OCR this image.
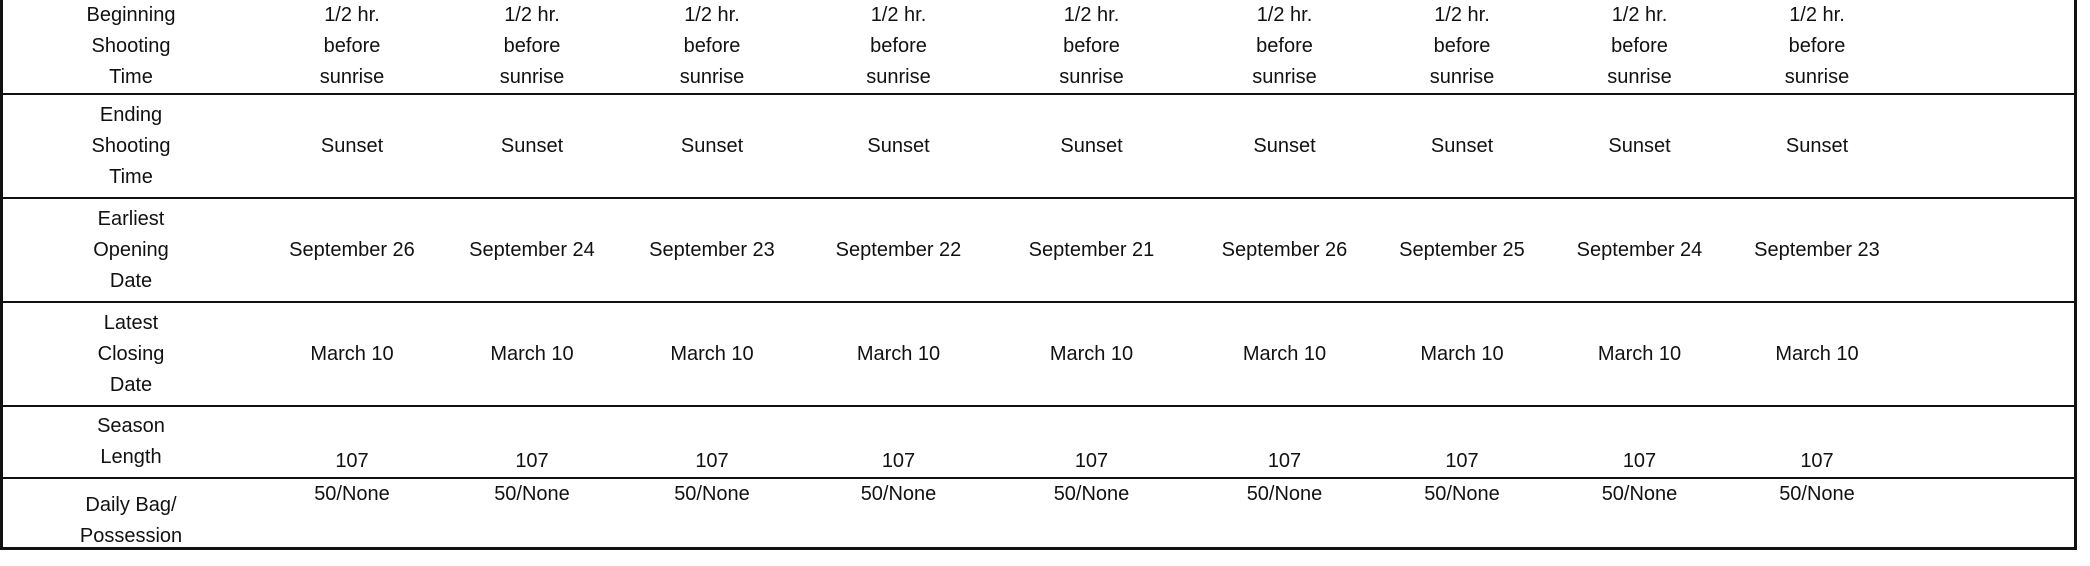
Beginning
Shooting
Time	1/2 hr.
before
sunrise	1/2 hr.
before
sunrise	1/2 hr.
before
sunrise	1/2 hr.
before
sunrise	1/2 hr.
before
sunrise	1/2 hr.
before
sunrise	1/2 hr.
before
sunrise	1/2 hr.
before
sunrise	1/2 hr.
before
sunrise	

Ending
Shooting
Time	Sunset	Sunset	Sunset	Sunset	Sunset	Sunset	Sunset	Sunset	Sunset	

Earliest
Opening
Date	September 26	September 24	September 23	September 22	September 21	September 26	September 25	September 24	September 23	

Latest
Closing
Date	March 10	March 10	March 10	March 10	March 10	March 10	March 10	March 10	March 10	

Season
Length	107	107	107	107	107	107	107	107	107	

Daily Bag/
Possession	50/None	50/None	50/None	50/None	50/None	50/None	50/None	50/None	50/None	
